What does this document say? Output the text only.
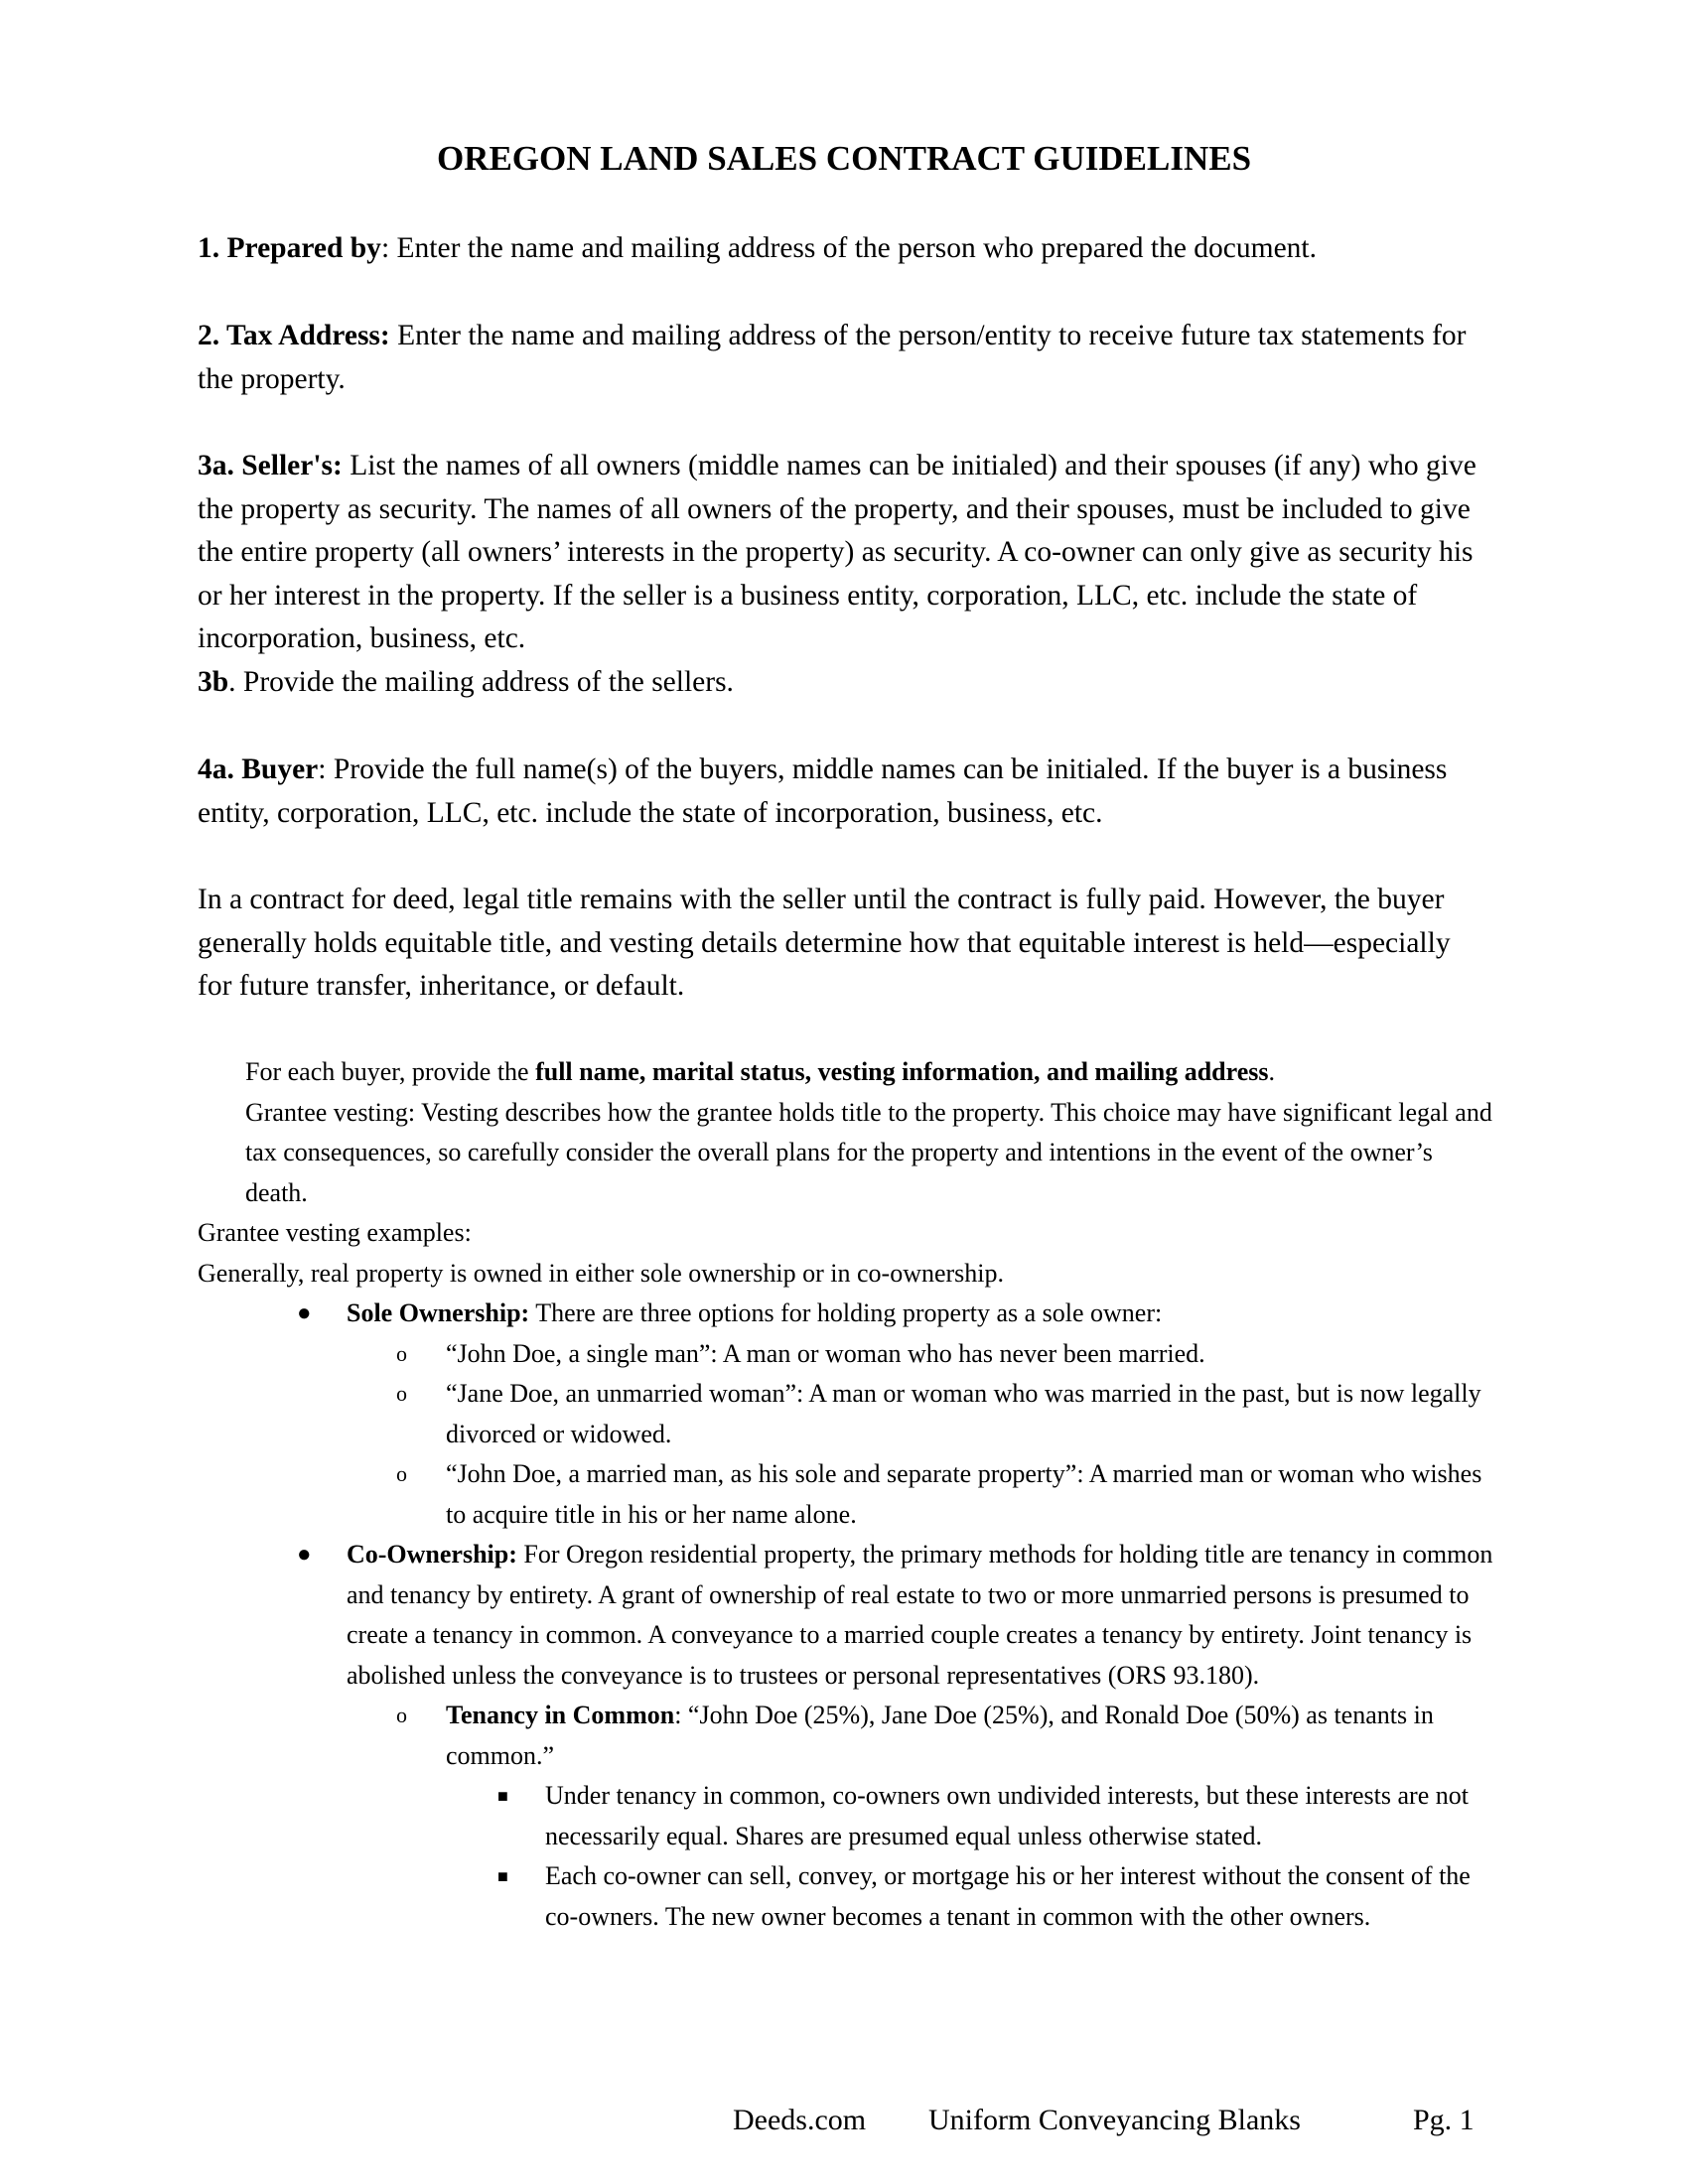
OREGON LAND SALES CONTRACT GUIDELINES

1. Prepared by: Enter the name and mailing address of the person who prepared the document.

2. Tax Address: Enter the name and mailing address of the person/entity to receive future tax statements for the property.

3a. Seller's: List the names of all owners (middle names can be initialed) and their spouses (if any) who give the property as security. The names of all owners of the property, and their spouses, must be included to give the entire property (all owners’ interests in the property) as security. A co-owner can only give as security his or her interest in the property. If the seller is a business entity, corporation, LLC, etc. include the state of incorporation, business, etc.

3b. Provide the mailing address of the sellers.

4a. Buyer: Provide the full name(s) of the buyers, middle names can be initialed. If the buyer is a business entity, corporation, LLC, etc. include the state of incorporation, business, etc.

In a contract for deed, legal title remains with the seller until the contract is fully paid. However, the buyer generally holds equitable title, and vesting details determine how that equitable interest is held—especially for future transfer, inheritance, or default.

For each buyer, provide the full name, marital status, vesting information, and mailing address.

Grantee vesting: Vesting describes how the grantee holds title to the property. This choice may have significant legal and tax consequences, so carefully consider the overall plans for the property and intentions in the event of the owner’s death.

Grantee vesting examples:

Generally, real property is owned in either sole ownership or in co-ownership.

● Sole Ownership: There are three options for holding property as a sole owner:
o “John Doe, a single man”: A man or woman who has never been married.
o “Jane Doe, an unmarried woman”: A man or woman who was married in the past, but is now legally divorced or widowed.
o “John Doe, a married man, as his sole and separate property”: A married man or woman who wishes to acquire title in his or her name alone.
● Co-Ownership: For Oregon residential property, the primary methods for holding title are tenancy in common and tenancy by entirety. A grant of ownership of real estate to two or more unmarried persons is presumed to create a tenancy in common. A conveyance to a married couple creates a tenancy by entirety. Joint tenancy is abolished unless the conveyance is to trustees or personal representatives (ORS 93.180).
o Tenancy in Common: “John Doe (25%), Jane Doe (25%), and Ronald Doe (50%) as tenants in common.”
■ Under tenancy in common, co-owners own undivided interests, but these interests are not necessarily equal. Shares are presumed equal unless otherwise stated.
■ Each co-owner can sell, convey, or mortgage his or her interest without the consent of the co-owners. The new owner becomes a tenant in common with the other owners.
Deeds.com Uniform Conveyancing Blanks	Pg. 1
